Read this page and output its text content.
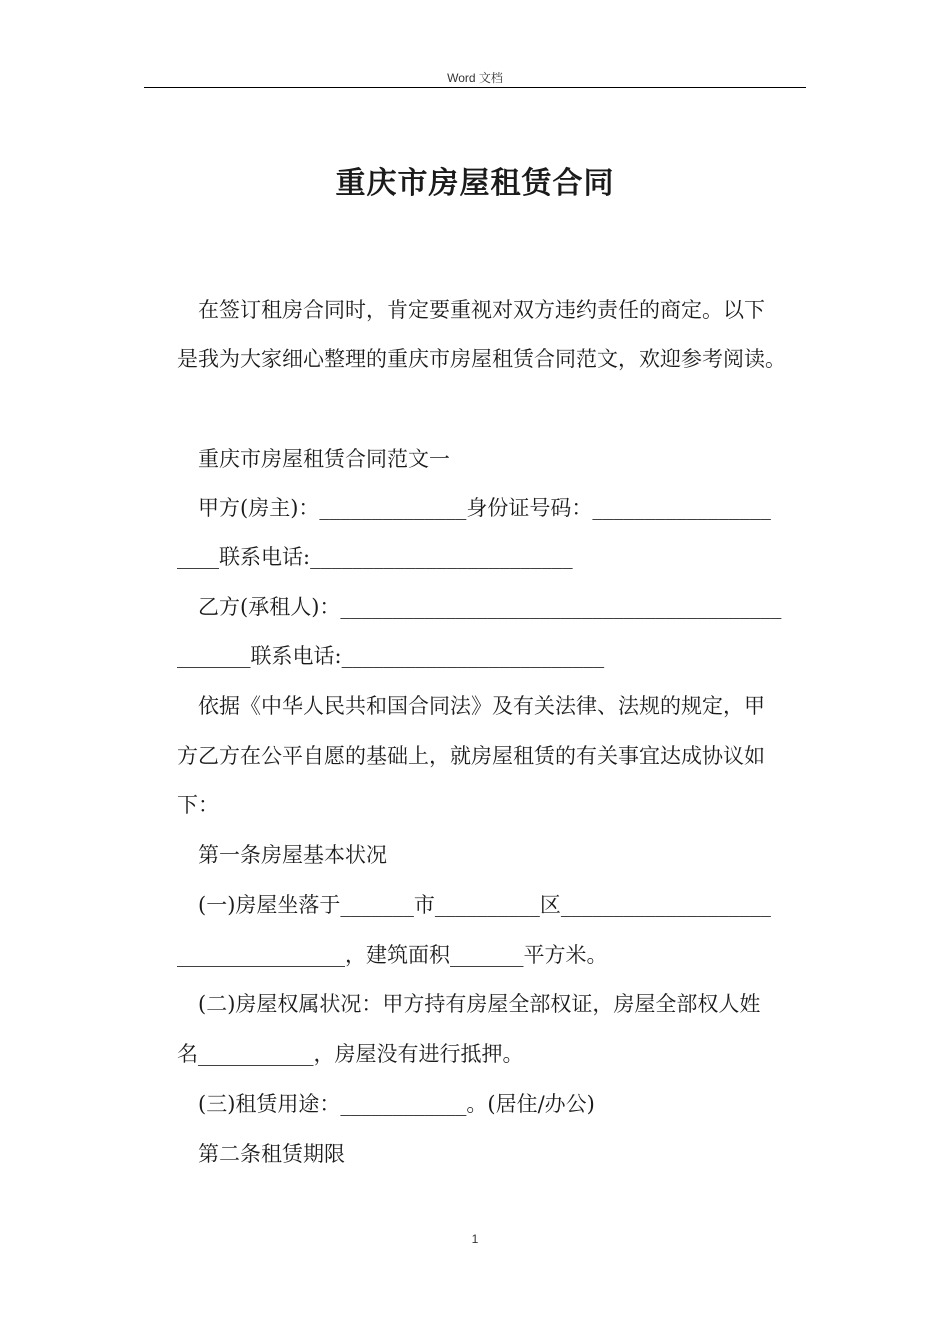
Word 文档
重庆市房屋租赁合同
在签订租房合同时，肯定要重视对双方违约责任的商定。以下
是我为大家细心整理的重庆市房屋租赁合同范文，欢迎参考阅读。
重庆市房屋租赁合同范文一
甲方(房主)：______________身份证号码：_________________
____联系电话:_________________________
乙方(承租人)：__________________________________________
_______联系电话:_________________________
依据《中华人民共和国合同法》及有关法律、法规的规定，甲
方乙方在公平自愿的基础上，就房屋租赁的有关事宜达成协议如
下：
第一条房屋基本状况
(一)房屋坐落于_______市__________区____________________
________________，建筑面积_______平方米。
(二)房屋权属状况：甲方持有房屋全部权证，房屋全部权人姓
名___________，房屋没有进行抵押。
(三)租赁用途：____________。(居住/办公)
第二条租赁期限
1
